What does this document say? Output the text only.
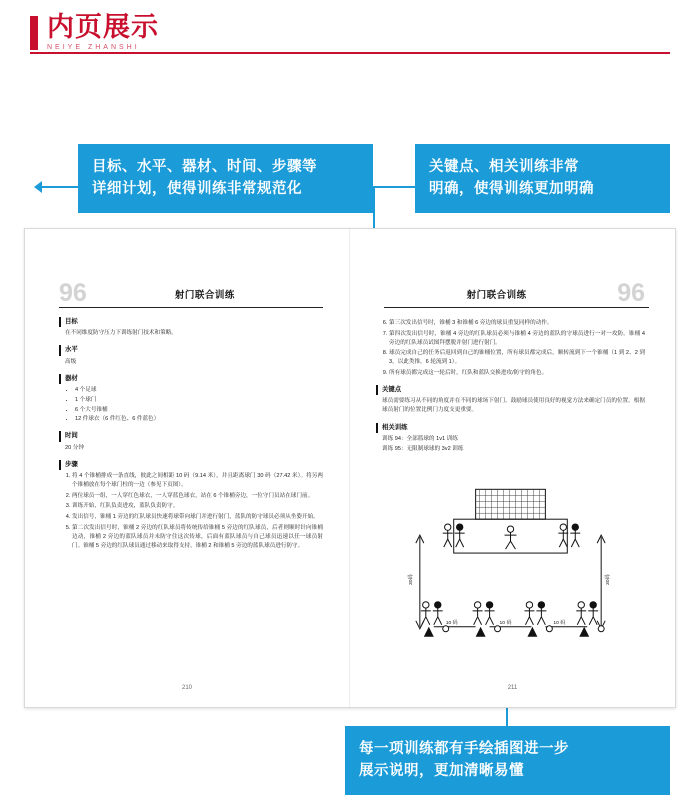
内页展示
NEIYE ZHANSHI
目标、水平、器材、时间、步骤等
详细计划，使得训练非常规范化
关键点、相关训练非常
明确，使得训练更加明确
每一项训练都有手绘插图进一步
展示说明，更加清晰易懂
96	射门联合训练
目标
在不同维度防守压力下训练射门技术和策略。
水平
高级
器材
• 4 个足球
• 1 个球门
• 6 个大号锥桶
• 12 件球衣（6 件红色、6 件蓝色）
时间
20 分钟
步骤
1. 将 4 个锥桶排成一条直线，彼此之间相距 10 码（9.14 米），并且距离球门 30 码（27.42 米）。将另两个锥桶放在每个球门柱的一边（参见下页图）。
2. 两位球员一组，一人穿红色球衣，一人穿蓝色球衣，站在 6 个锥桶旁边，一位守门员站在球门前。
3. 训练开始，红队负责进攻，蓝队负责防守。
4. 发出信号，锥桶 1 旁边的红队球员快速将球带向球门并进行射门，蓝队的防守球员必须从坐姿开始。
5. 第二次发出信号时，锥桶 2 旁边的红队球员将传统传给锥桶 5 旁边的红队球员，后者则顺时针向锥桶边动，锥桶 2 旁边的蓝队球员并未防守住这次传球，后面有蓝队球员与自己球员迅速以任一球员射门。锥桶 5 旁边的红队球员通过移动来取得支持，锥桶 2 和锥桶 5 旁边的蓝队球员进行防守。
210
96
射门联合训练
6. 第三次发出信号时，锥桶 3 和锥桶 6 旁边的球员重复同样的动作。
7. 第四次发出信号时，锥桶 4 旁边的红队球员必须与锥桶 4 旁边的蓝队的守球员进行一对一攻防。锥桶 4 旁边的红队球员试图拜摆脱并射门进行射门。
8. 球员完成自己的任务后返回到自己的锥桶位置，所有球员都完成后，顺转流到下一个锥桶（1 到 2、2 到 3，以此类推，6 轮流到 1）。
9. 所有球员都完成这一轮后时，红队和蓝队交换进攻/防守的角色。
关键点
球员需要练习从不同的角度并在不同的球场下射门。鼓励球员使用良好的视觉方法来确定门员的位置。根据球员射门的位置比例门力度支更重要。
相关训练
训练 94：全部篮球的 1v1 训练
训练 95：无限制球球的 3v2 训练
30码	30码
10 码	10 码	10 码
211
